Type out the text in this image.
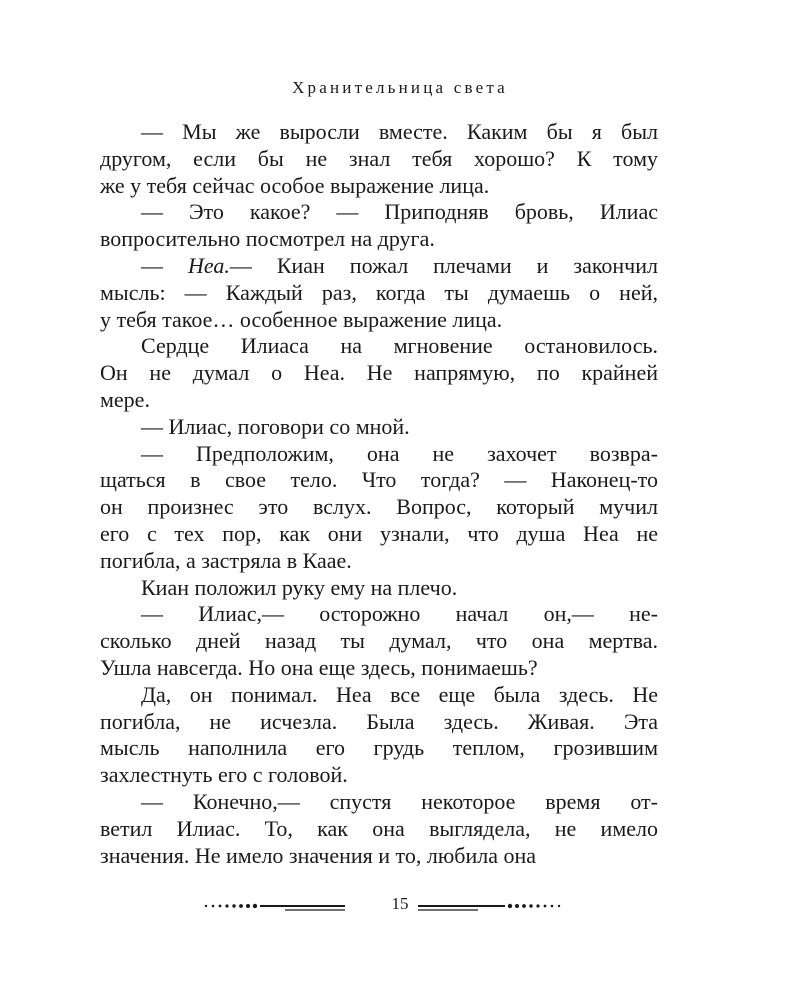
Хранительница света
— Мы же выросли вместе. Каким бы я был
другом, если бы не знал тебя хорошо? К тому
же у тебя сейчас особое выражение лица.
— Это какое? — Приподняв бровь, Илиас
вопросительно посмотрел на друга.
— Неа.— Киан пожал плечами и закончил
мысль: — Каждый раз, когда ты думаешь о ней,
у тебя такое… особенное выражение лица.
Сердце Илиаса на мгновение остановилось.
Он не думал о Неа. Не напрямую, по крайней
мере.
— Илиас, поговори со мной.
— Предположим, она не захочет возвра-
щаться в свое тело. Что тогда? — Наконец-то
он произнес это вслух. Вопрос, который мучил
его с тех пор, как они узнали, что душа Неа не
погибла, а застряла в Каае.
Киан положил руку ему на плечо.
— Илиас,— осторожно начал он,— не-
сколько дней назад ты думал, что она мертва.
Ушла навсегда. Но она еще здесь, понимаешь?
Да, он понимал. Неа все еще была здесь. Не
погибла, не исчезла. Была здесь. Живая. Эта
мысль наполнила его грудь теплом, грозившим
захлестнуть его с головой.
— Конечно,— спустя некоторое время от-
ветил Илиас. То, как она выглядела, не имело
значения. Не имело значения и то, любила она
15
